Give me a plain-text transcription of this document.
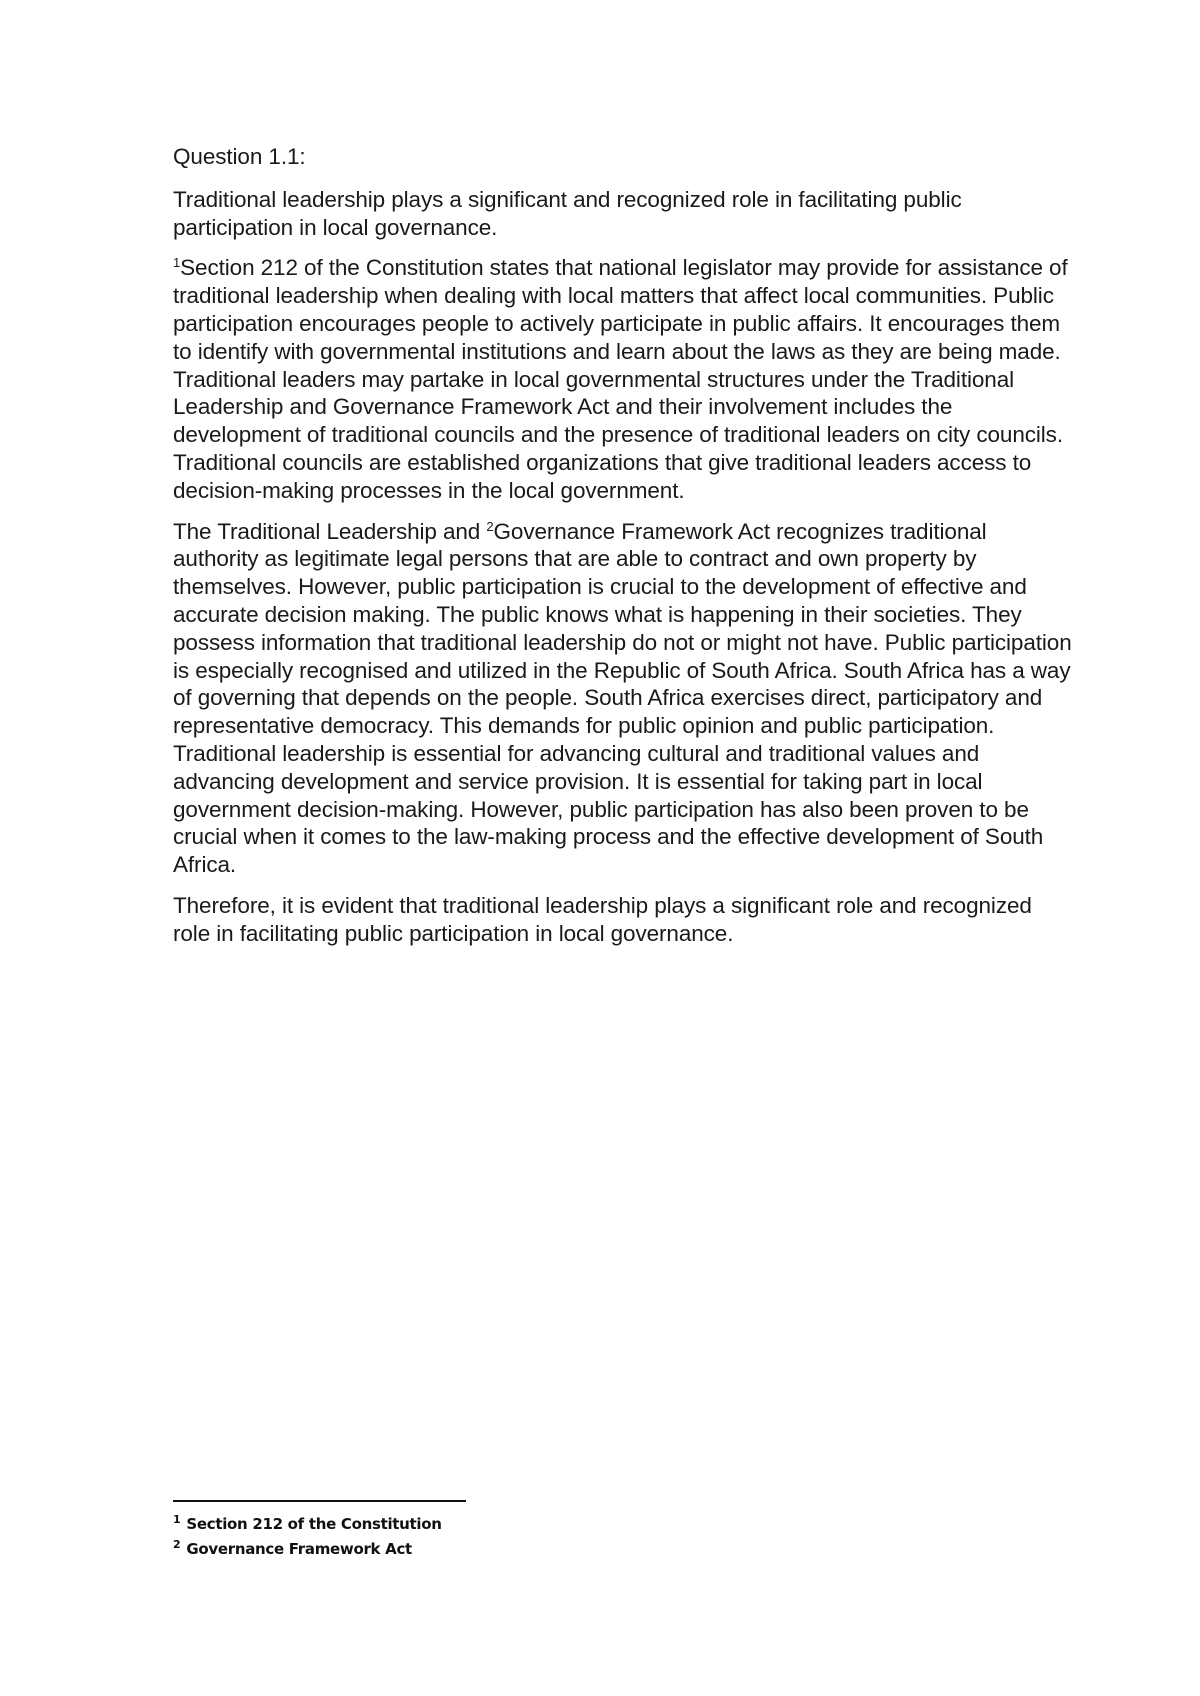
Question 1.1:

Traditional leadership plays a significant and recognized role in facilitating public participation in local governance.

$^1$Section 212 of the Constitution states that national legislator may provide for assistance of traditional leadership when dealing with local matters that affect local communities. Public participation encourages people to actively participate in public affairs. It encourages them to identify with governmental institutions and learn about the laws as they are being made. Traditional leaders may partake in local governmental structures under the Traditional Leadership and Governance Framework Act and their involvement includes the development of traditional councils and the presence of traditional leaders on city councils. Traditional councils are established organizations that give traditional leaders access to decision-making processes in the local government.

The Traditional Leadership and $^2$Governance Framework Act recognizes traditional authority as legitimate legal persons that are able to contract and own property by themselves. However, public participation is crucial to the development of effective and accurate decision making. The public knows what is happening in their societies. They possess information that traditional leadership do not or might not have. Public participation is especially recognised and utilized in the Republic of South Africa. South Africa has a way of governing that depends on the people. South Africa exercises direct, participatory and representative democracy. This demands for public opinion and public participation. Traditional leadership is essential for advancing cultural and traditional values and advancing development and service provision. It is essential for taking part in local government decision-making. However, public participation has also been proven to be crucial when it comes to the law-making process and the effective development of South Africa.

Therefore, it is evident that traditional leadership plays a significant role and recognized role in facilitating public participation in local governance.

$^1$ Section 212 of the Constitution
$^2$ Governance Framework Act
